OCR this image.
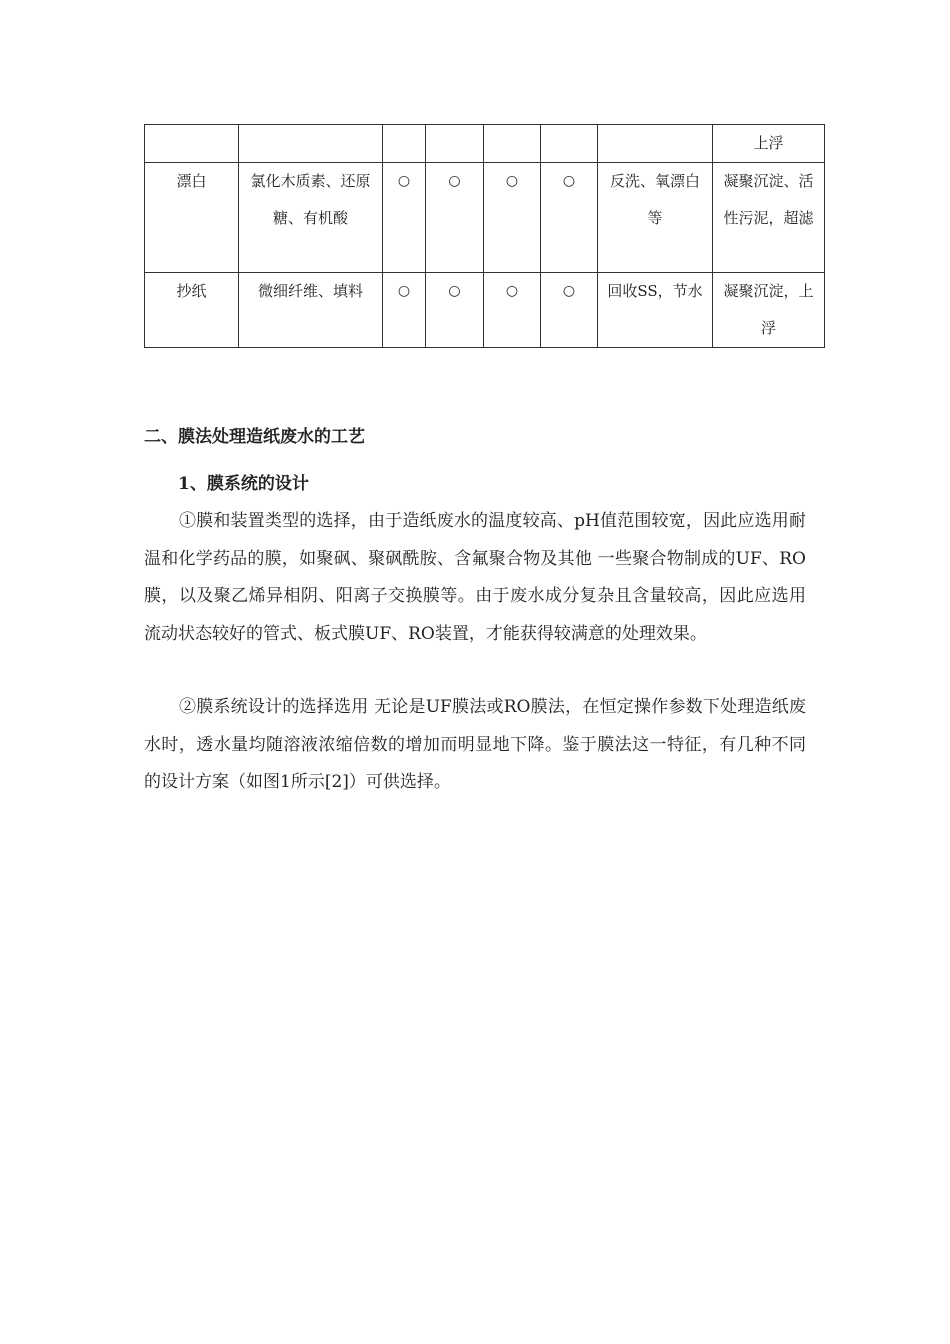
							上浮
漂白	氯化木质素、还原糖、有机酸	○	○	○	○	反洗、氧漂白等	凝聚沉淀、活性污泥，超滤
抄纸	微细纤维、填料	○	○	○	○	回收SS，节水	凝聚沉淀，上浮
二、膜法处理造纸废水的工艺
1、膜系统的设计

①膜和装置类型的选择，由于造纸废水的温度较高、pH值范围较宽，因此应选用耐温和化学药品的膜，如聚砜、聚砜酰胺、含氟聚合物及其他 一些聚合物制成的UF、RO膜，以及聚乙烯异相阴、阳离子交换膜等。由于废水成分复杂且含量较高，因此应选用流动状态较好的管式、板式膜UF、RO装置，才能获得较满意的处理效果。

②膜系统设计的选择选用 无论是UF膜法或RO膜法，在恒定操作参数下处理造纸废水时，透水量均随溶液浓缩倍数的增加而明显地下降。鉴于膜法这一特征，有几种不同的设计方案（如图1所示[2]）可供选择。
